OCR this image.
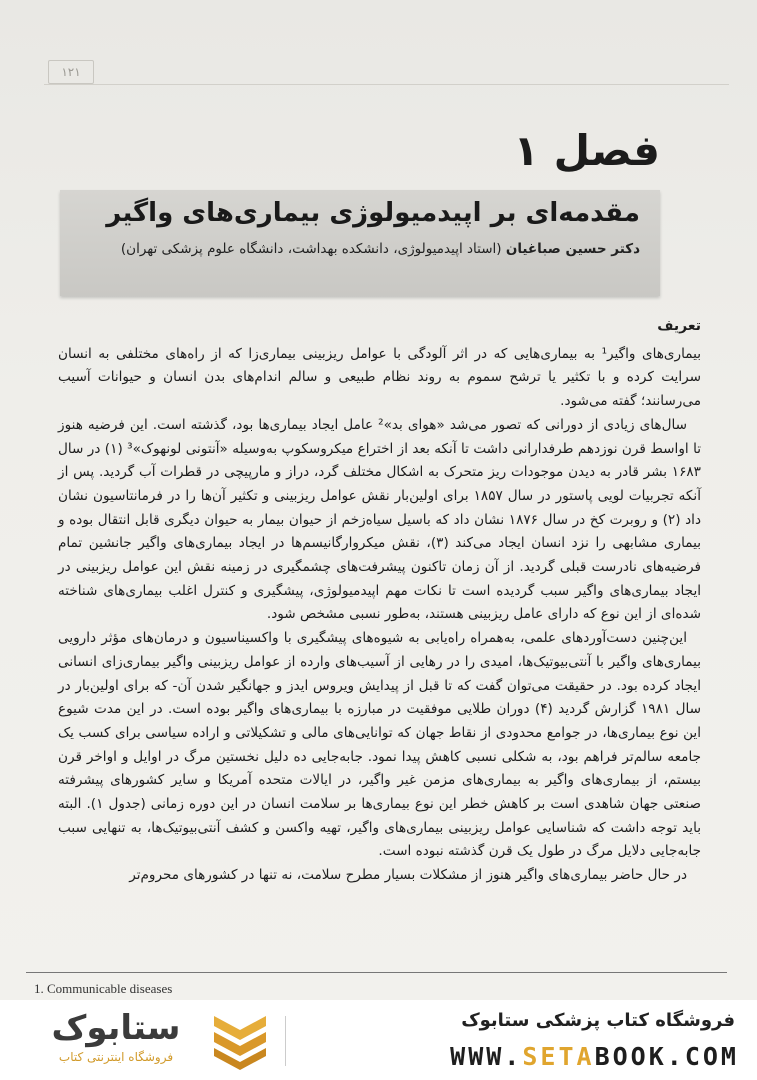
۱۲۱
فصل ۱
مقدمه‌ای بر اپیدمیولوژی بیماری‌های واگیر
دکتر حسین صباغیان (استاد اپیدمیولوژی، دانشکده بهداشت، دانشگاه علوم پزشکی تهران)
تعریف

بیماری‌های واگیر¹ به بیماری‌هایی که در اثر آلودگی با عوامل ریزبینی بیماری‌زا که از راه‌های مختلفی به انسان سرایت کرده و با تکثیر یا ترشح سموم به روند نظام طبیعی و سالم اندام‌های بدن انسان و حیوانات آسیب می‌رسانند؛ گفته می‌شود.

سال‌های زیادی از دورانی که تصور می‌شد «هوای بد»² عامل ایجاد بیماری‌ها بود، گذشته است. این فرضیه هنوز تا اواسط قرن نوزدهم طرفدارانی داشت تا آنکه بعد از اختراع میکروسکوپ به‌وسیله «آنتونی لونهوک»³ (۱) در سال ۱۶۸۳ بشر قادر به دیدن موجودات ریز متحرک به اشکال مختلف گرد، دراز و مارپیچی در قطرات آب گردید. پس از آنکه تجربیات لویی پاستور در سال ۱۸۵۷ برای اولین‌بار نقش عوامل ریزبینی و تکثیر آن‌ها را در فرمانتاسیون نشان داد (۲) و روبرت کخ در سال ۱۸۷۶ نشان داد که باسیل سیاه‌زخم از حیوان بیمار به حیوان دیگری قابل انتقال بوده و بیماری مشابهی را نزد انسان ایجاد می‌کند (۳)، نقش میکروارگانیسم‌ها در ایجاد بیماری‌های واگیر جانشین تمام فرضیه‌های نادرست قبلی گردید. از آن زمان تاکنون پیشرفت‌های چشمگیری در زمینه نقش این عوامل ریزبینی در ایجاد بیماری‌های واگیر سبب گردیده است تا نکات مهم اپیدمیولوژی، پیشگیری و کنترل اغلب بیماری‌های شناخته شده‌ای از این نوع که دارای عامل ریزبینی هستند، به‌طور نسبی مشخص شود.

این‌چنین دست‌آوردهای علمی، به‌همراه راه‌یابی به شیوه‌های پیشگیری با واکسیناسیون و درمان‌های مؤثر دارویی بیماری‌های واگیر با آنتی‌بیوتیک‌ها، امیدی را در رهایی از آسیب‌های وارده از عوامل ریزبینی واگیر بیماری‌زای انسانی ایجاد کرده بود. در حقیقت می‌توان گفت که تا قبل از پیدایش ویروس ایدز و جهانگیر شدن آن- که برای اولین‌بار در سال ۱۹۸۱ گزارش گردید (۴) دوران طلایی موفقیت در مبارزه با بیماری‌های واگیر بوده است. در این مدت شیوع این نوع بیماری‌ها، در جوامع محدودی از نقاط جهان که توانایی‌های مالی و تشکیلاتی و اراده سیاسی برای کسب یک جامعه سالم‌تر فراهم بود، به شکلی نسبی کاهش پیدا نمود. جابه‌جایی ده دلیل نخستین مرگ در اوایل و اواخر قرن بیستم، از بیماری‌های واگیر به بیماری‌های مزمن غیر واگیر، در ایالات متحده آمریکا و سایر کشورهای پیشرفته صنعتی جهان شاهدی است بر کاهش خطر این نوع بیماری‌ها بر سلامت انسان در این دوره زمانی (جدول ۱). البته باید توجه داشت که شناسایی عوامل ریزبینی بیماری‌های واگیر، تهیه واکسن و کشف آنتی‌بیوتیک‌ها، به تنهایی سبب جابه‌جایی دلایل مرگ در طول یک قرن گذشته نبوده است.

در حال حاضر بیماری‌های واگیر هنوز از مشکلات بسیار مطرح سلامت، نه تنها در کشورهای محروم‌تر

1. Communicable diseases
ستابوک
فروشگاه اینترنتی کتاب
فروشگاه کتاب پزشکی ستابوک
WWW.SETABOOK.COM
